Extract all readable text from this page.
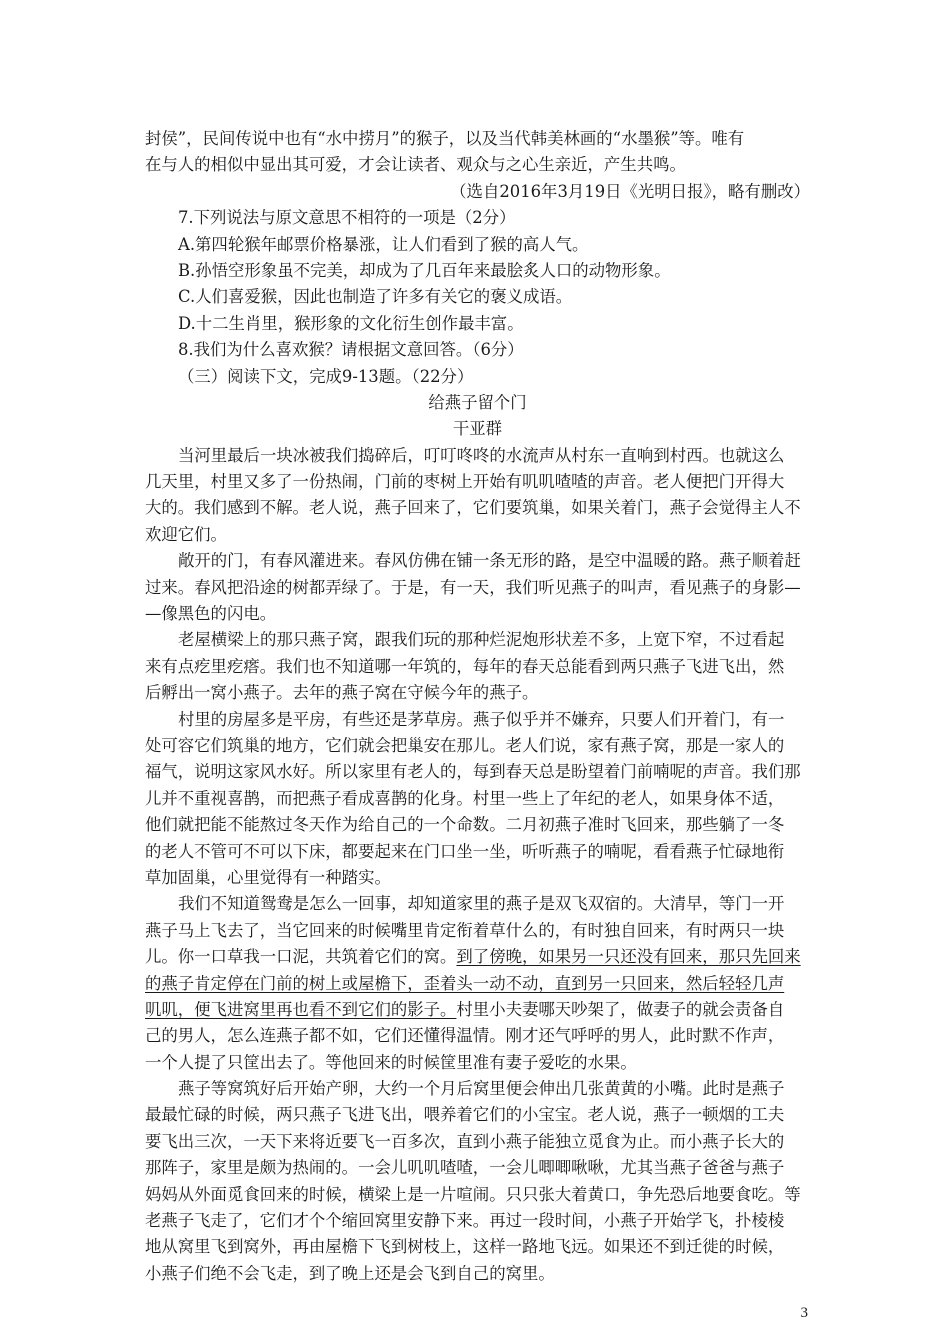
封侯”，民间传说中也有“水中捞月”的猴子，以及当代韩美林画的“水墨猴”等。唯有
在与人的相似中显出其可爱，才会让读者、观众与之心生亲近，产生共鸣。
（选自2016年3月19日《光明日报》，略有删改）
7.下列说法与原文意思不相符的一项是（2分）
A.第四轮猴年邮票价格暴涨，让人们看到了猴的高人气。
B.孙悟空形象虽不完美，却成为了几百年来最脍炙人口的动物形象。
C.人们喜爱猴，因此也制造了许多有关它的褒义成语。
D.十二生肖里，猴形象的文化衍生创作最丰富。
8.我们为什么喜欢猴？请根据文意回答。（6分）
（三）阅读下文，完成9-13题。（22分）
给燕子留个门
干亚群
当河里最后一块冰被我们捣碎后，叮叮咚咚的水流声从村东一直响到村西。也就这么
几天里，村里又多了一份热闹，门前的枣树上开始有叽叽喳喳的声音。老人便把门开得大
大的。我们感到不解。老人说，燕子回来了，它们要筑巢，如果关着门，燕子会觉得主人不
欢迎它们。
敞开的门，有春风灌进来。春风仿佛在铺一条无形的路，是空中温暖的路。燕子顺着赶
过来。春风把沿途的树都弄绿了。于是，有一天，我们听见燕子的叫声，看见燕子的身影—
—像黑色的闪电。
老屋横梁上的那只燕子窝，跟我们玩的那种烂泥炮形状差不多，上宽下窄，不过看起
来有点疙里疙瘩。我们也不知道哪一年筑的，每年的春天总能看到两只燕子飞进飞出，然
后孵出一窝小燕子。去年的燕子窝在守候今年的燕子。
村里的房屋多是平房，有些还是茅草房。燕子似乎并不嫌弃，只要人们开着门，有一
处可容它们筑巢的地方，它们就会把巢安在那儿。老人们说，家有燕子窝，那是一家人的
福气，说明这家风水好。所以家里有老人的，每到春天总是盼望着门前喃呢的声音。我们那
儿并不重视喜鹊，而把燕子看成喜鹊的化身。村里一些上了年纪的老人，如果身体不适，
他们就把能不能熬过冬天作为给自己的一个命数。二月初燕子准时飞回来，那些躺了一冬
的老人不管可不可以下床，都要起来在门口坐一坐，听听燕子的喃呢，看看燕子忙碌地衔
草加固巢，心里觉得有一种踏实。
我们不知道鸳鸯是怎么一回事，却知道家里的燕子是双飞双宿的。大清早，等门一开
燕子马上飞去了，当它回来的时候嘴里肯定衔着草什么的，有时独自回来，有时两只一块
儿。你一口草我一口泥，共筑着它们的窝。到了傍晚，如果另一只还没有回来，那只先回来
的燕子肯定停在门前的树上或屋檐下，歪着头一动不动，直到另一只回来，然后轻轻几声
叽叽，便飞进窝里再也看不到它们的影子。村里小夫妻哪天吵架了，做妻子的就会责备自
己的男人，怎么连燕子都不如，它们还懂得温情。刚才还气呼呼的男人，此时默不作声，
一个人提了只筐出去了。等他回来的时候筐里准有妻子爱吃的水果。
燕子等窝筑好后开始产卵，大约一个月后窝里便会伸出几张黄黄的小嘴。此时是燕子
最最忙碌的时候，两只燕子飞进飞出，喂养着它们的小宝宝。老人说，燕子一顿烟的工夫
要飞出三次，一天下来将近要飞一百多次，直到小燕子能独立觅食为止。而小燕子长大的
那阵子，家里是颇为热闹的。一会儿叽叽喳喳，一会儿唧唧啾啾，尤其当燕子爸爸与燕子
妈妈从外面觅食回来的时候，横梁上是一片喧闹。只只张大着黄口，争先恐后地要食吃。等
老燕子飞走了，它们才个个缩回窝里安静下来。再过一段时间，小燕子开始学飞，扑棱棱
地从窝里飞到窝外，再由屋檐下飞到树枝上，这样一路地飞远。如果还不到迁徙的时候，
小燕子们绝不会飞走，到了晚上还是会飞到自己的窝里。
3
